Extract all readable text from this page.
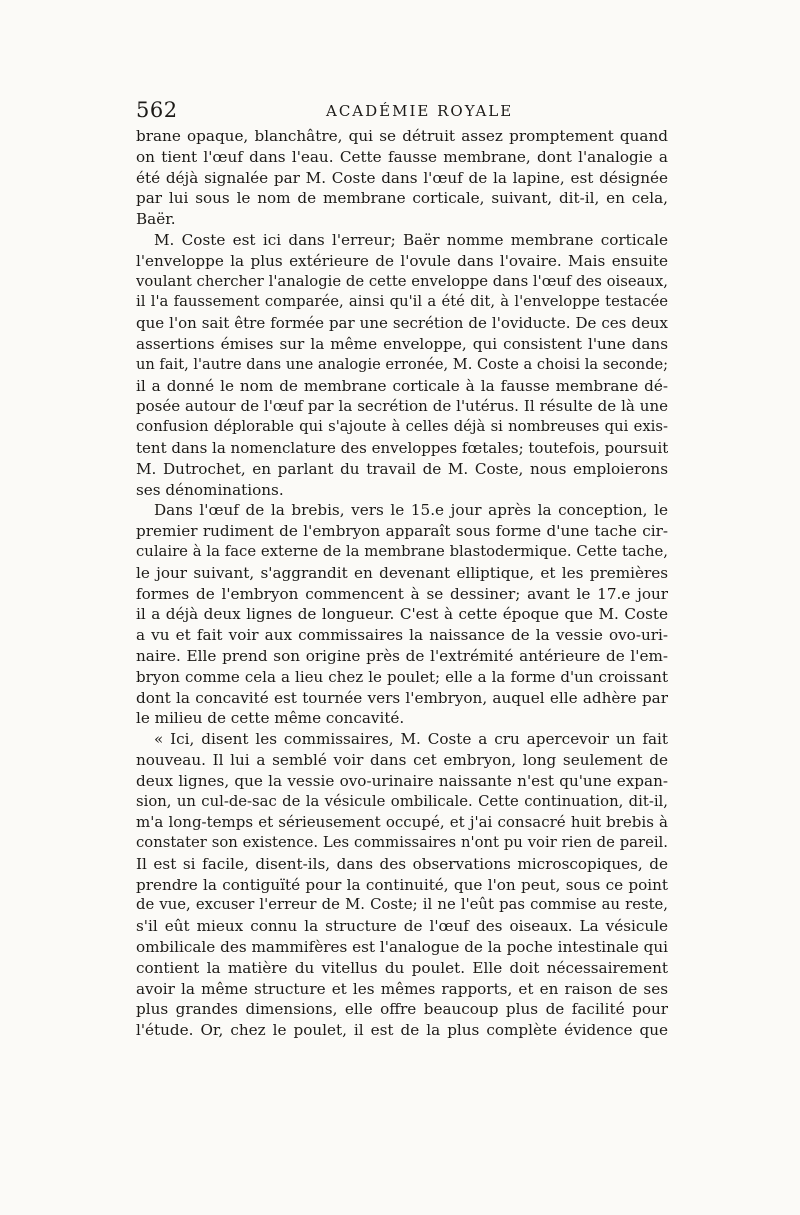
562	ACADÉMIE ROYALE
brane opaque, blanchâtre, qui se détruit assez promptement quand
on tient l'œuf dans l'eau. Cette fausse membrane, dont l'analogie a
été déjà signalée par M. Coste dans l'œuf de la lapine, est désignée
par lui sous le nom de membrane corticale, suivant, dit-il, en cela,
Baër.
M. Coste est ici dans l'erreur; Baër nomme membrane corticale
l'enveloppe la plus extérieure de l'ovule dans l'ovaire. Mais ensuite
voulant chercher l'analogie de cette enveloppe dans l'œuf des oiseaux,
il l'a faussement comparée, ainsi qu'il a été dit, à l'enveloppe testacée
que l'on sait être formée par une secrétion de l'oviducte. De ces deux
assertions émises sur la même enveloppe, qui consistent l'une dans
un fait, l'autre dans une analogie erronée, M. Coste a choisi la seconde;
il a donné le nom de membrane corticale à la fausse membrane dé-
posée autour de l'œuf par la secrétion de l'utérus. Il résulte de là une
confusion déplorable qui s'ajoute à celles déjà si nombreuses qui exis-
tent dans la nomenclature des enveloppes fœtales; toutefois, poursuit
M. Dutrochet, en parlant du travail de M. Coste, nous emploierons
ses dénominations.
Dans l'œuf de la brebis, vers le 15.e jour après la conception, le
premier rudiment de l'embryon apparaît sous forme d'une tache cir-
culaire à la face externe de la membrane blastodermique. Cette tache,
le jour suivant, s'aggrandit en devenant elliptique, et les premières
formes de l'embryon commencent à se dessiner; avant le 17.e jour
il a déjà deux lignes de longueur. C'est à cette époque que M. Coste
a vu et fait voir aux commissaires la naissance de la vessie ovo-uri-
naire. Elle prend son origine près de l'extrémité antérieure de l'em-
bryon comme cela a lieu chez le poulet; elle a la forme d'un croissant
dont la concavité est tournée vers l'embryon, auquel elle adhère par
le milieu de cette même concavité.
« Ici, disent les commissaires, M. Coste a cru apercevoir un fait
nouveau. Il lui a semblé voir dans cet embryon, long seulement de
deux lignes, que la vessie ovo-urinaire naissante n'est qu'une expan-
sion, un cul-de-sac de la vésicule ombilicale. Cette continuation, dit-il,
m'a long-temps et sérieusement occupé, et j'ai consacré huit brebis à
constater son existence. Les commissaires n'ont pu voir rien de pareil.
Il est si facile, disent-ils, dans des observations microscopiques, de
prendre la contiguïté pour la continuité, que l'on peut, sous ce point
de vue, excuser l'erreur de M. Coste; il ne l'eût pas commise au reste,
s'il eût mieux connu la structure de l'œuf des oiseaux. La vésicule
ombilicale des mammifères est l'analogue de la poche intestinale qui
contient la matière du vitellus du poulet. Elle doit nécessairement
avoir la même structure et les mêmes rapports, et en raison de ses
plus grandes dimensions, elle offre beaucoup plus de facilité pour
l'étude. Or, chez le poulet, il est de la plus complète évidence que
